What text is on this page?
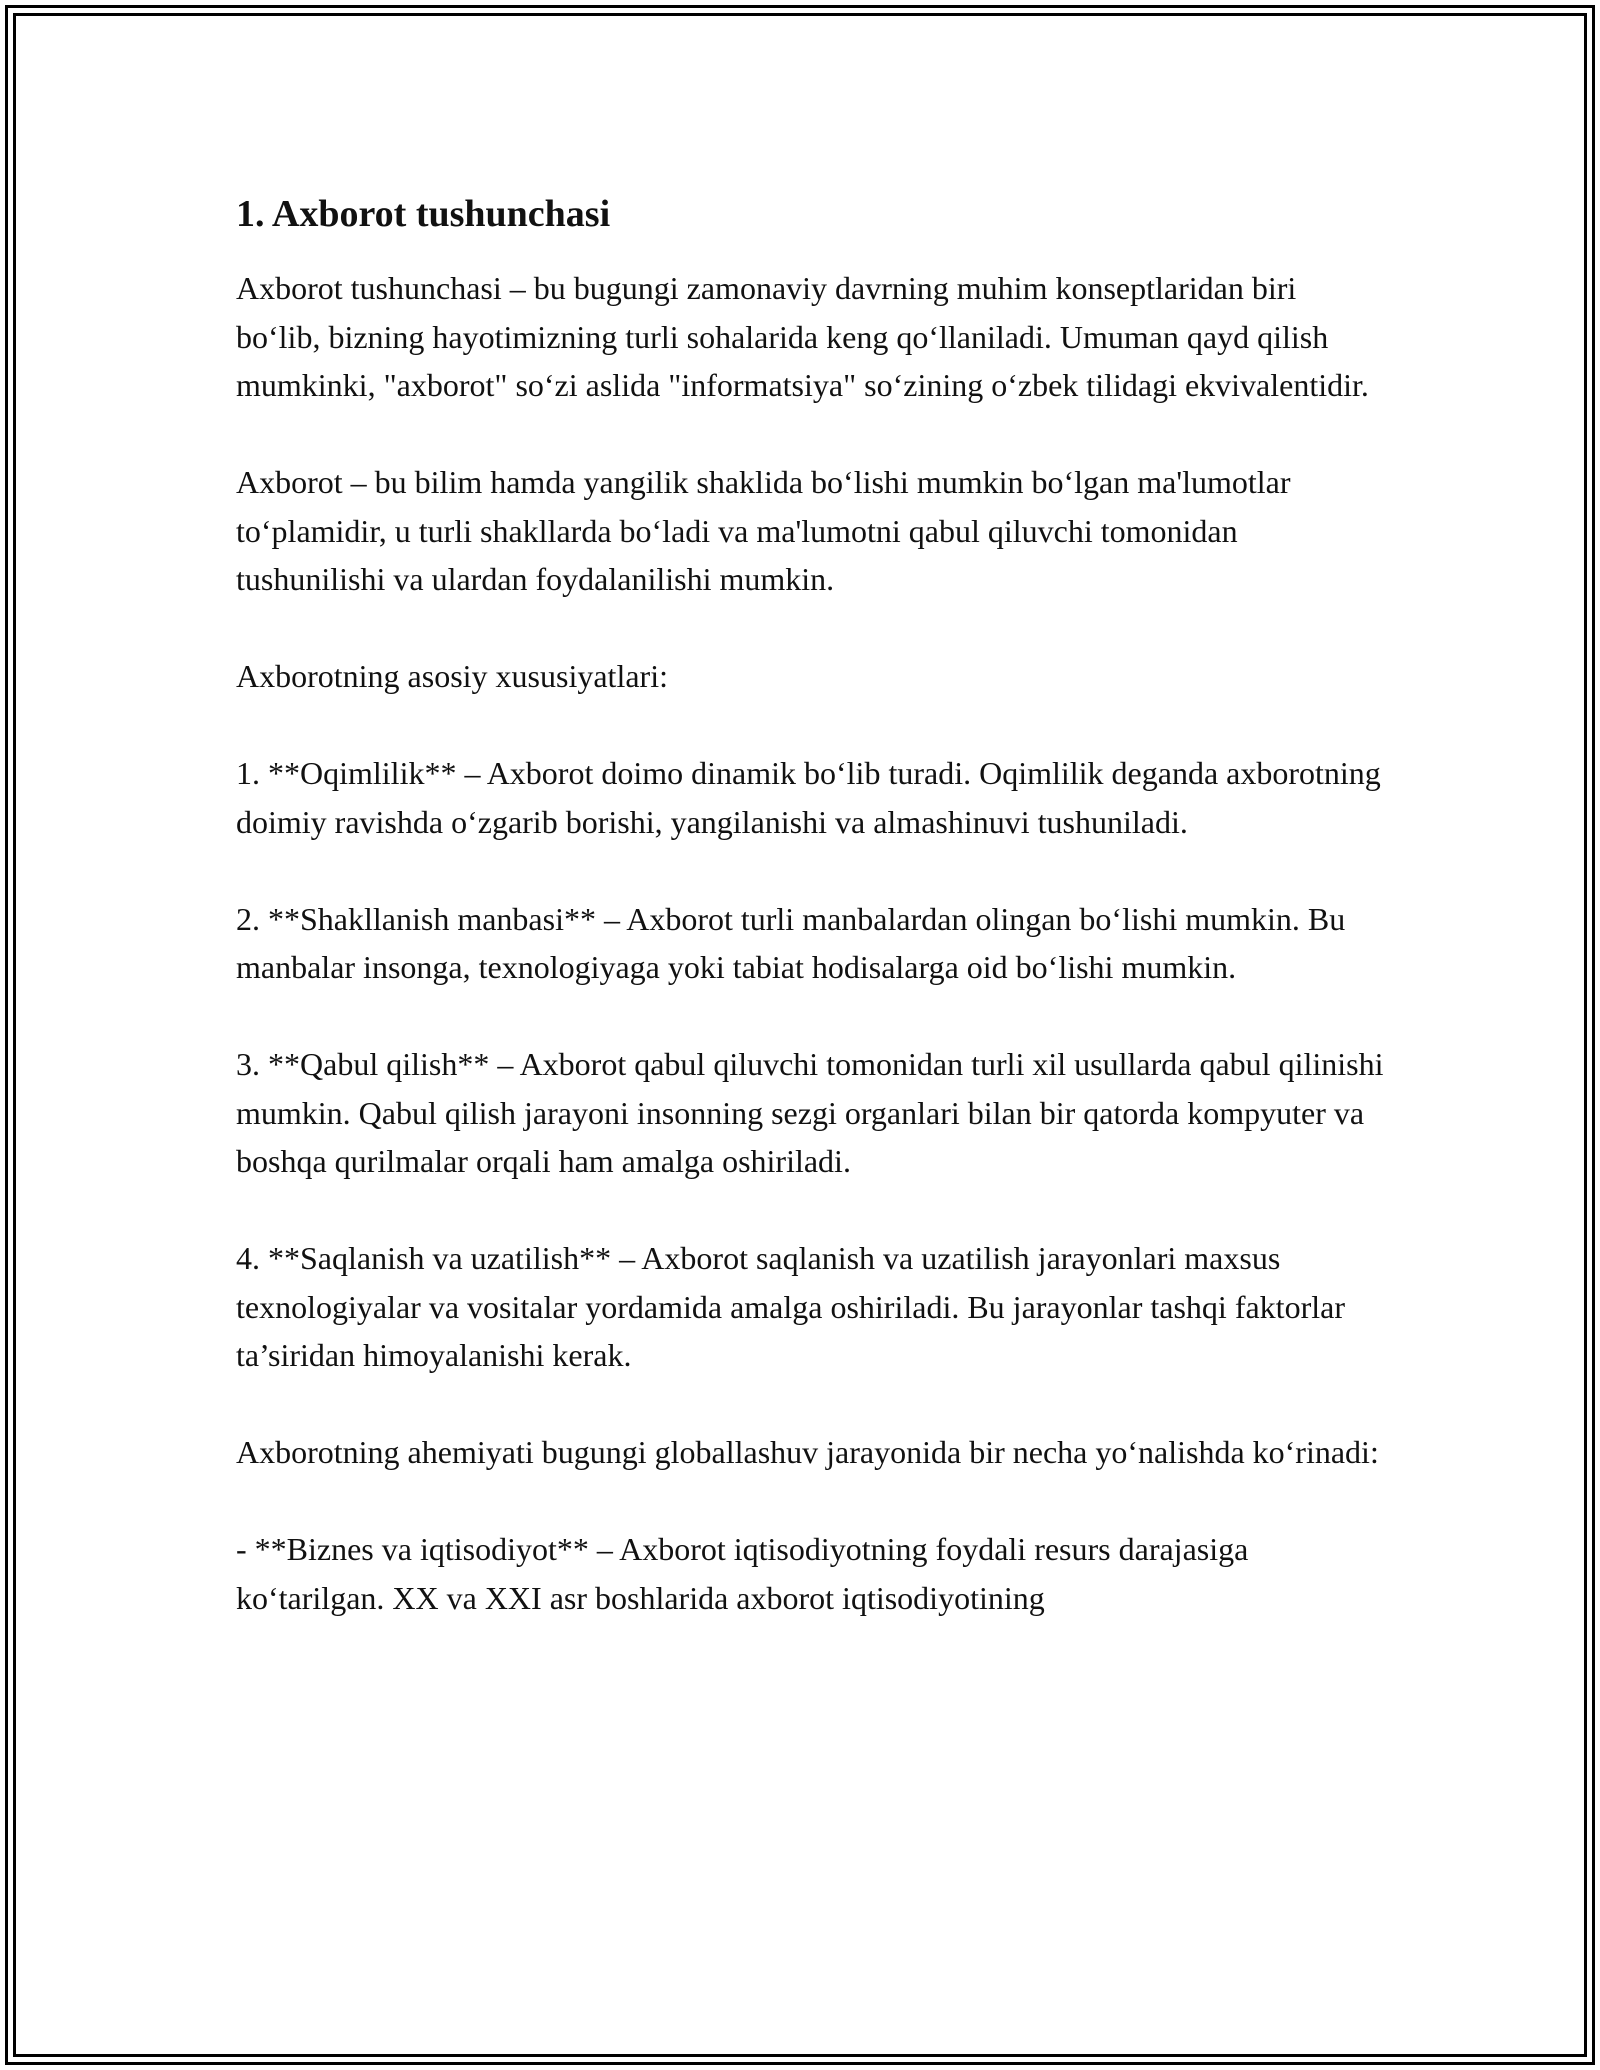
1. Axborot tushunchasi

Axborot tushunchasi – bu bugungi zamonaviy davrning muhim konseptlaridan biri bo‘lib, bizning hayotimizning turli sohalarida keng qo‘llaniladi. Umuman qayd qilish mumkinki, "axborot" so‘zi aslida "informatsiya" so‘zining o‘zbek tilidagi ekvivalentidir.

Axborot – bu bilim hamda yangilik shaklida bo‘lishi mumkin bo‘lgan ma'lumotlar to‘plamidir, u turli shakllarda bo‘ladi va ma'lumotni qabul qiluvchi tomonidan tushunilishi va ulardan foydalanilishi mumkin.

Axborotning asosiy xususiyatlari:

1. **Oqimlilik** – Axborot doimo dinamik bo‘lib turadi. Oqimlilik deganda axborotning doimiy ravishda o‘zgarib borishi, yangilanishi va almashinuvi tushuniladi.

2. **Shakllanish manbasi** – Axborot turli manbalardan olingan bo‘lishi mumkin. Bu manbalar insonga, texnologiyaga yoki tabiat hodisalarga oid bo‘lishi mumkin.

3. **Qabul qilish** – Axborot qabul qiluvchi tomonidan turli xil usullarda qabul qilinishi mumkin. Qabul qilish jarayoni insonning sezgi organlari bilan bir qatorda kompyuter va boshqa qurilmalar orqali ham amalga oshiriladi.

4. **Saqlanish va uzatilish** – Axborot saqlanish va uzatilish jarayonlari maxsus texnologiyalar va vositalar yordamida amalga oshiriladi. Bu jarayonlar tashqi faktorlar ta’siridan himoyalanishi kerak.

Axborotning ahemiyati bugungi globallashuv jarayonida bir necha yo‘nalishda ko‘rinadi:

- **Biznes va iqtisodiyot** – Axborot iqtisodiyotning foydali resurs darajasiga ko‘tarilgan. XX va XXI asr boshlarida axborot iqtisodiyotining
